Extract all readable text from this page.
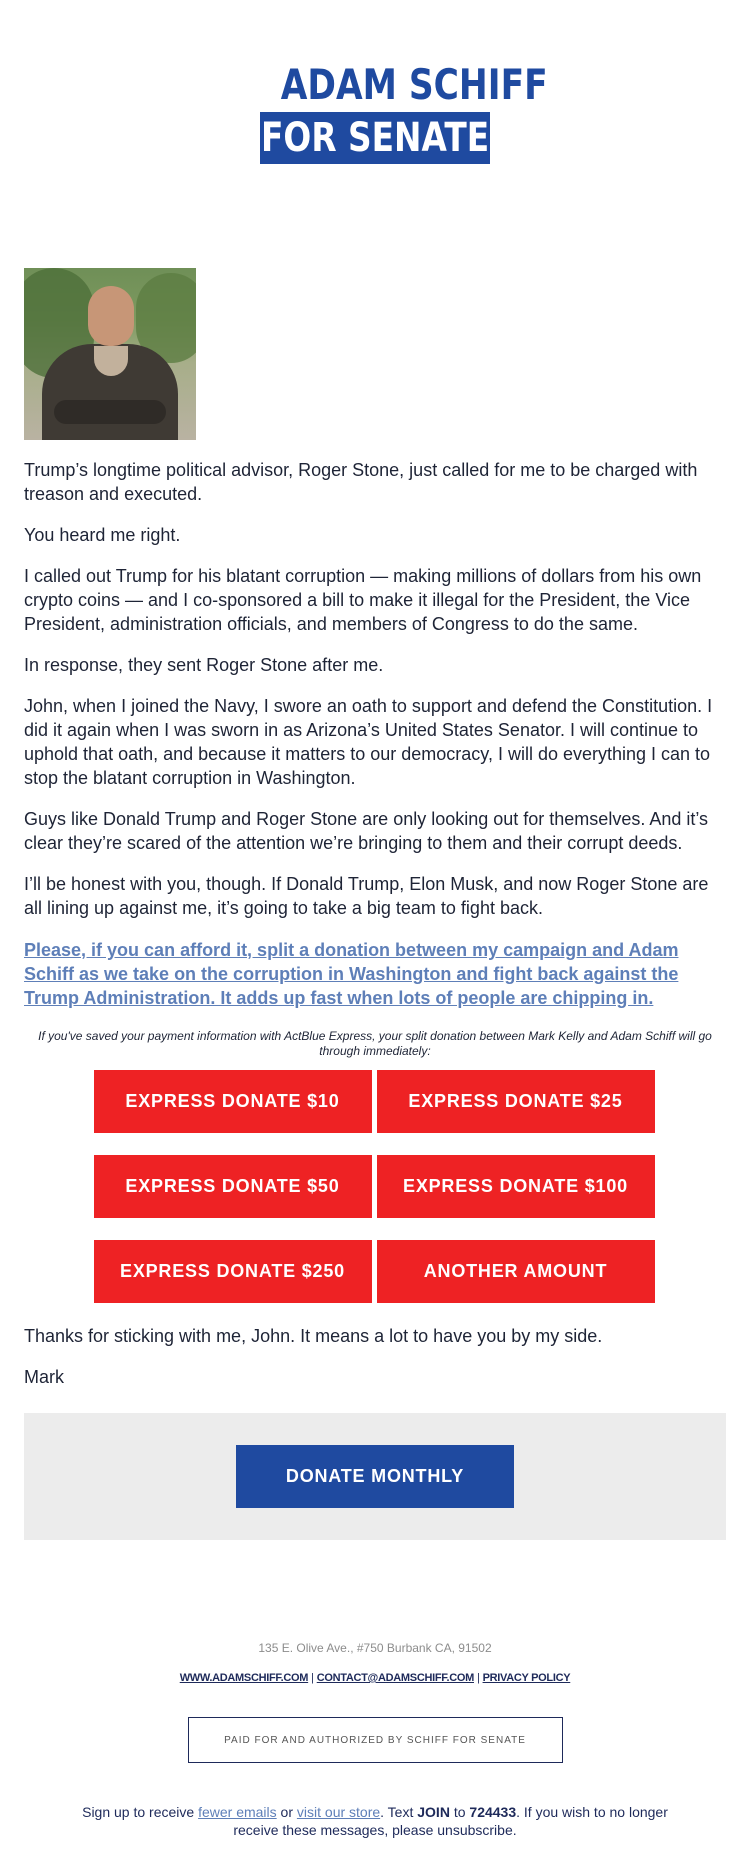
ADAM SCHIFF
FOR SENATE

Trump’s longtime political advisor, Roger Stone, just called for me to be charged with treason and executed.

You heard me right.

I called out Trump for his blatant corruption — making millions of dollars from his own crypto coins — and I co-sponsored a bill to make it illegal for the President, the Vice President, administration officials, and members of Congress to do the same.

In response, they sent Roger Stone after me.

John, when I joined the Navy, I swore an oath to support and defend the Constitution. I did it again when I was sworn in as Arizona’s United States Senator. I will continue to uphold that oath, and because it matters to our democracy, I will do everything I can to stop the blatant corruption in Washington.

Guys like Donald Trump and Roger Stone are only looking out for themselves. And it’s clear they’re scared of the attention we’re bringing to them and their corrupt deeds.

I’ll be honest with you, though. If Donald Trump, Elon Musk, and now Roger Stone are all lining up against me, it’s going to take a big team to fight back.

Please, if you can afford it, split a donation between my campaign and Adam Schiff as we take on the corruption in Washington and fight back against the Trump Administration. It adds up fast when lots of people are chipping in.

If you've saved your payment information with ActBlue Express, your split donation between Mark Kelly and Adam Schiff will go through immediately:

EXPRESS DONATE $10	EXPRESS DONATE $25
EXPRESS DONATE $50	EXPRESS DONATE $100
EXPRESS DONATE $250	ANOTHER AMOUNT

Thanks for sticking with me, John. It means a lot to have you by my side.

Mark

DONATE MONTHLY
135 E. Olive Ave., #750 Burbank CA, 91502
WWW.ADAMSCHIFF.COM | CONTACT@ADAMSCHIFF.COM | PRIVACY POLICY
PAID FOR AND AUTHORIZED BY SCHIFF FOR SENATE
Sign up to receive fewer emails or visit our store. Text JOIN to 724433. If you wish to no longer receive these messages, please unsubscribe.
